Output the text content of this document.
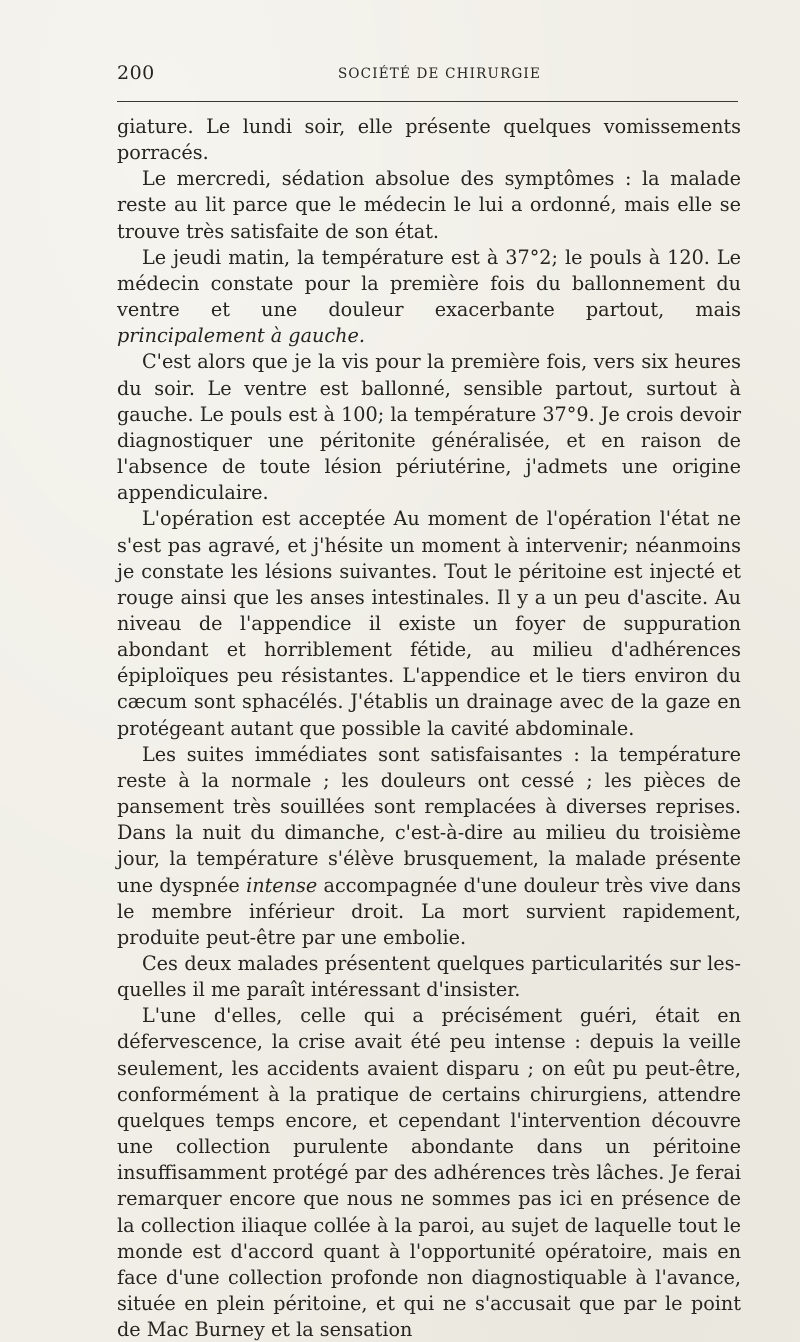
200	SOCIÉTÉ DE CHIRURGIE

giature. Le lundi soir, elle présente quelques vomissements porracés.

Le mercredi, sédation absolue des symptômes : la malade reste au lit parce que le médecin le lui a ordonné, mais elle se trouve très satisfaite de son état.

Le jeudi matin, la température est à 37°2; le pouls à 120. Le médecin constate pour la première fois du ballonnement du ventre et une douleur exacerbante partout, mais principalement à gauche.

C'est alors que je la vis pour la première fois, vers six heures du soir. Le ventre est ballonné, sensible partout, surtout à gauche. Le pouls est à 100; la température 37°9. Je crois devoir diagnostiquer une péritonite généralisée, et en raison de l'absence de toute lésion périutérine, j'admets une origine appendiculaire.

L'opération est acceptée Au moment de l'opération l'état ne s'est pas agravé, et j'hésite un moment à intervenir; néanmoins je constate les lésions suivantes. Tout le péritoine est injecté et rouge ainsi que les anses intestinales. Il y a un peu d'ascite. Au niveau de l'appendice il existe un foyer de suppuration abondant et horriblement fétide, au milieu d'adhérences épiploïques peu résistantes. L'appendice et le tiers environ du cæcum sont sphacélés. J'établis un drainage avec de la gaze en protégeant autant que possible la cavité abdominale.

Les suites immédiates sont satisfaisantes : la température reste à la normale ; les douleurs ont cessé ; les pièces de pansement très souillées sont remplacées à diverses reprises. Dans la nuit du dimanche, c'est-à-dire au milieu du troisième jour, la température s'élève brusquement, la malade présente une dyspnée intense accompagnée d'une douleur très vive dans le membre inférieur droit. La mort survient rapidement, produite peut-être par une embolie.

Ces deux malades présentent quelques particularités sur lesquelles il me paraît intéressant d'insister.

L'une d'elles, celle qui a précisément guéri, était en défervescence, la crise avait été peu intense : depuis la veille seulement, les accidents avaient disparu ; on eût pu peut-être, conformément à la pratique de certains chirurgiens, attendre quelques temps encore, et cependant l'intervention découvre une collection purulente abondante dans un péritoine insuffisamment protégé par des adhérences très lâches. Je ferai remarquer encore que nous ne sommes pas ici en présence de la collection iliaque collée à la paroi, au sujet de laquelle tout le monde est d'accord quant à l'opportunité opératoire, mais en face d'une collection profonde non diagnostiquable à l'avance, située en plein péritoine, et qui ne s'accusait que par le point de Mac Burney et la sensation
